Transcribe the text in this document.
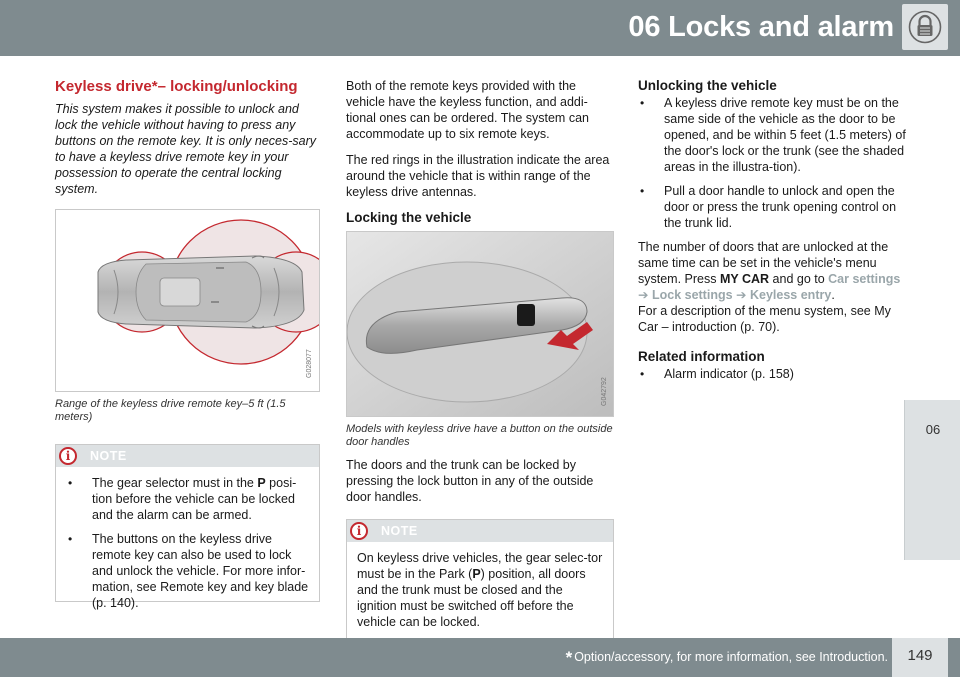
06 Locks and alarm
06
Keyless drive*– locking/unlocking

This system makes it possible to unlock and lock the vehicle without having to press any buttons on the remote key. It is only neces-sary to have a keyless drive remote key in your possession to operate the central locking system.

G028077
Range of the keyless drive remote key–5 ft (1.5 meters)
i	NOTE
• The gear selector must in the P posi-tion before the vehicle can be locked and the alarm can be armed.
• The buttons on the keyless drive remote key can also be used to lock and unlock the vehicle. For more infor-mation, see Remote key and key blade (p. 140).

Both of the remote keys provided with the vehicle have the keyless function, and addi-tional ones can be ordered. The system can accommodate up to six remote keys.

The red rings in the illustration indicate the area around the vehicle that is within range of the keyless drive antennas.

Locking the vehicle
G042792
Models with keyless drive have a button on the outside door handles

The doors and the trunk can be locked by pressing the lock button in any of the outside door handles.

i	NOTE

On keyless drive vehicles, the gear selec-tor must be in the Park (P) position, all doors and the trunk must be closed and the ignition must be switched off before the vehicle can be locked.

Unlocking the vehicle
• A keyless drive remote key must be on the same side of the vehicle as the door to be opened, and be within 5 feet (1.5 meters) of the door's lock or the trunk (see the shaded areas in the illustra-tion).
• Pull a door handle to unlock and open the door or press the trunk opening control on the trunk lid.

The number of doors that are unlocked at the same time can be set in the vehicle's menu system. Press MY CAR and go to Car settings ➔ Lock settings ➔ Keyless entry.

For a description of the menu system, see My Car – introduction (p. 70).

Related information
• Alarm indicator (p. 158)
* Option/accessory, for more information, see Introduction.	149
